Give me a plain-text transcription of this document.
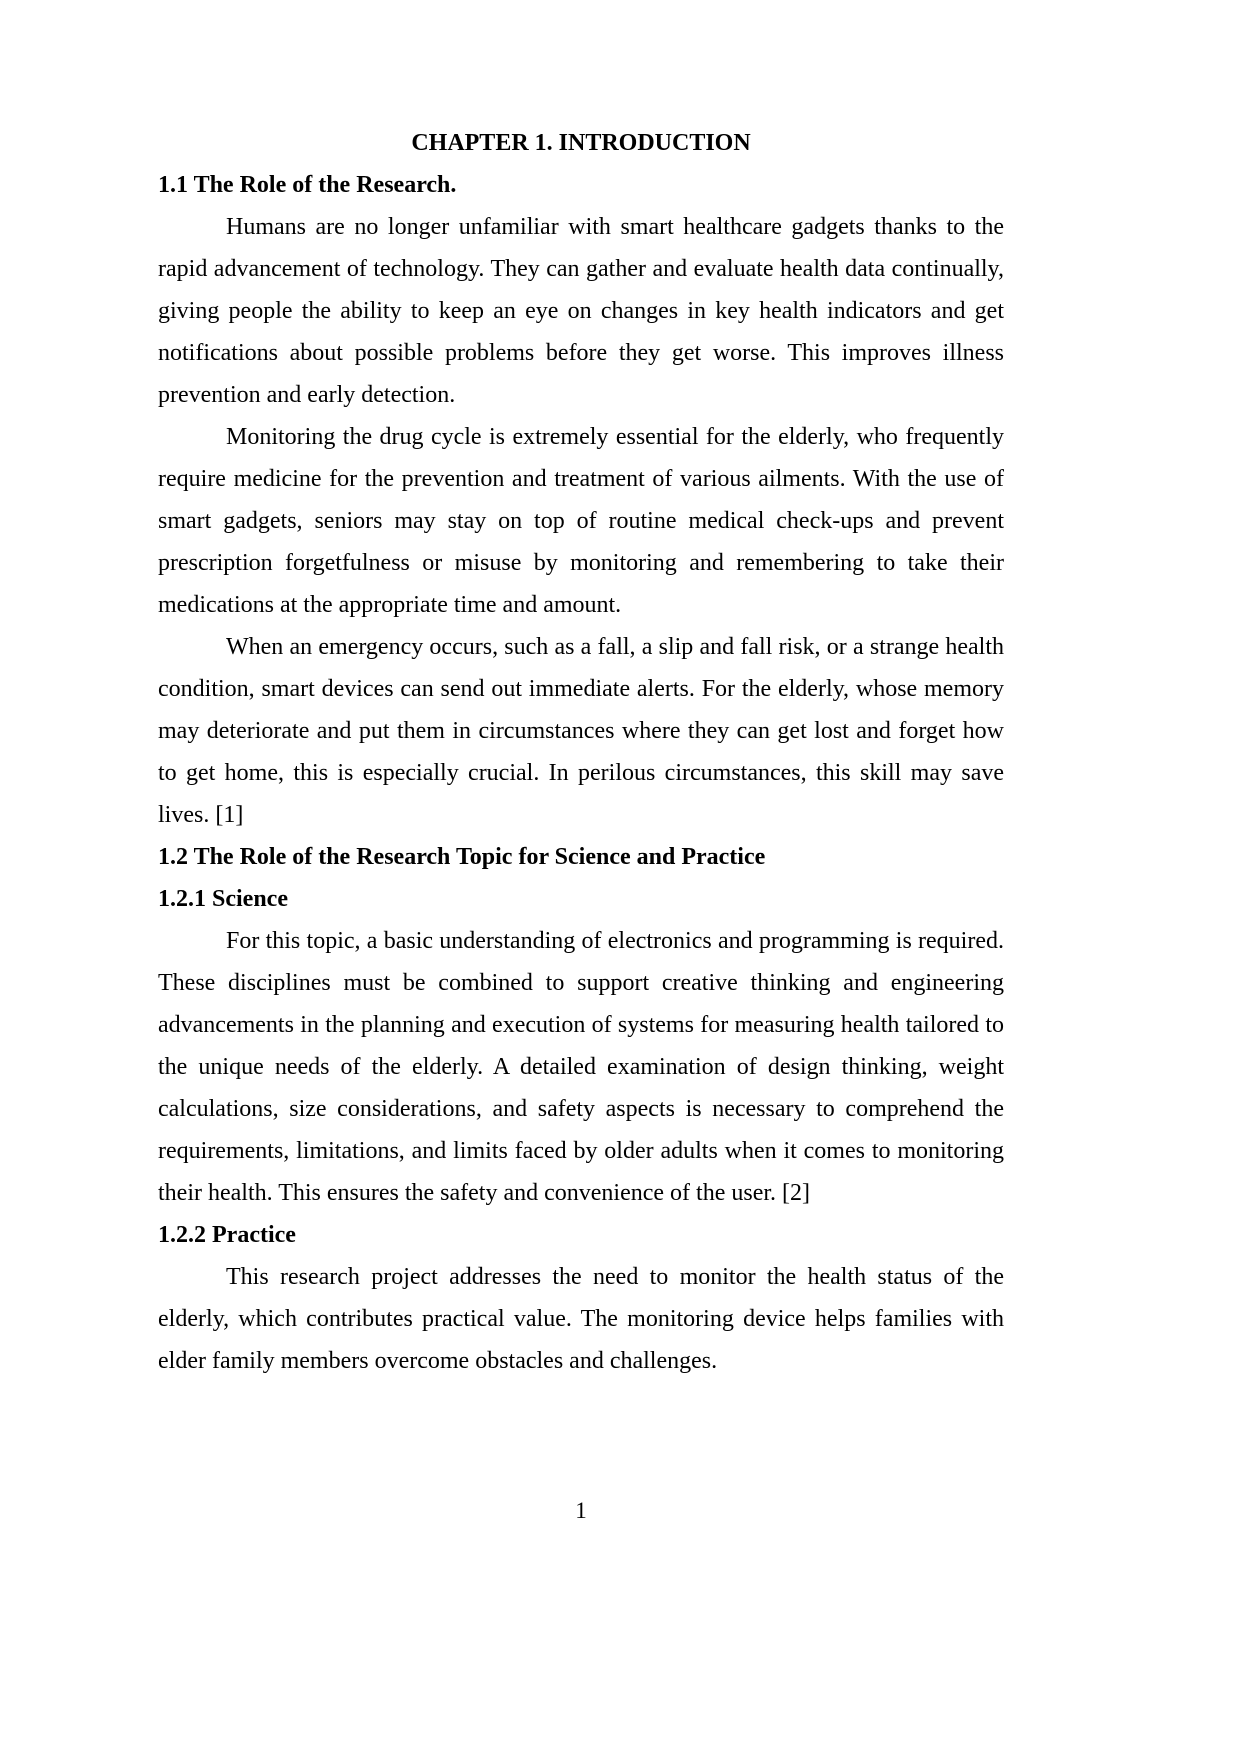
CHAPTER 1. INTRODUCTION
1.1 The Role of the Research.

Humans are no longer unfamiliar with smart healthcare gadgets thanks to the rapid advancement of technology. They can gather and evaluate health data continually, giving people the ability to keep an eye on changes in key health indicators and get notifications about possible problems before they get worse. This improves illness prevention and early detection.

Monitoring the drug cycle is extremely essential for the elderly, who frequently require medicine for the prevention and treatment of various ailments. With the use of smart gadgets, seniors may stay on top of routine medical check-ups and prevent prescription forgetfulness or misuse by monitoring and remembering to take their medications at the appropriate time and amount.

When an emergency occurs, such as a fall, a slip and fall risk, or a strange health condition, smart devices can send out immediate alerts. For the elderly, whose memory may deteriorate and put them in circumstances where they can get lost and forget how to get home, this is especially crucial. In perilous circumstances, this skill may save lives. [1]

1.2 The Role of the Research Topic for Science and Practice
1.2.1 Science

For this topic, a basic understanding of electronics and programming is required. These disciplines must be combined to support creative thinking and engineering advancements in the planning and execution of systems for measuring health tailored to the unique needs of the elderly. A detailed examination of design thinking, weight calculations, size considerations, and safety aspects is necessary to comprehend the requirements, limitations, and limits faced by older adults when it comes to monitoring their health. This ensures the safety and convenience of the user. [2]

1.2.2 Practice

This research project addresses the need to monitor the health status of the elderly, which contributes practical value. The monitoring device helps families with elder family members overcome obstacles and challenges.

1
